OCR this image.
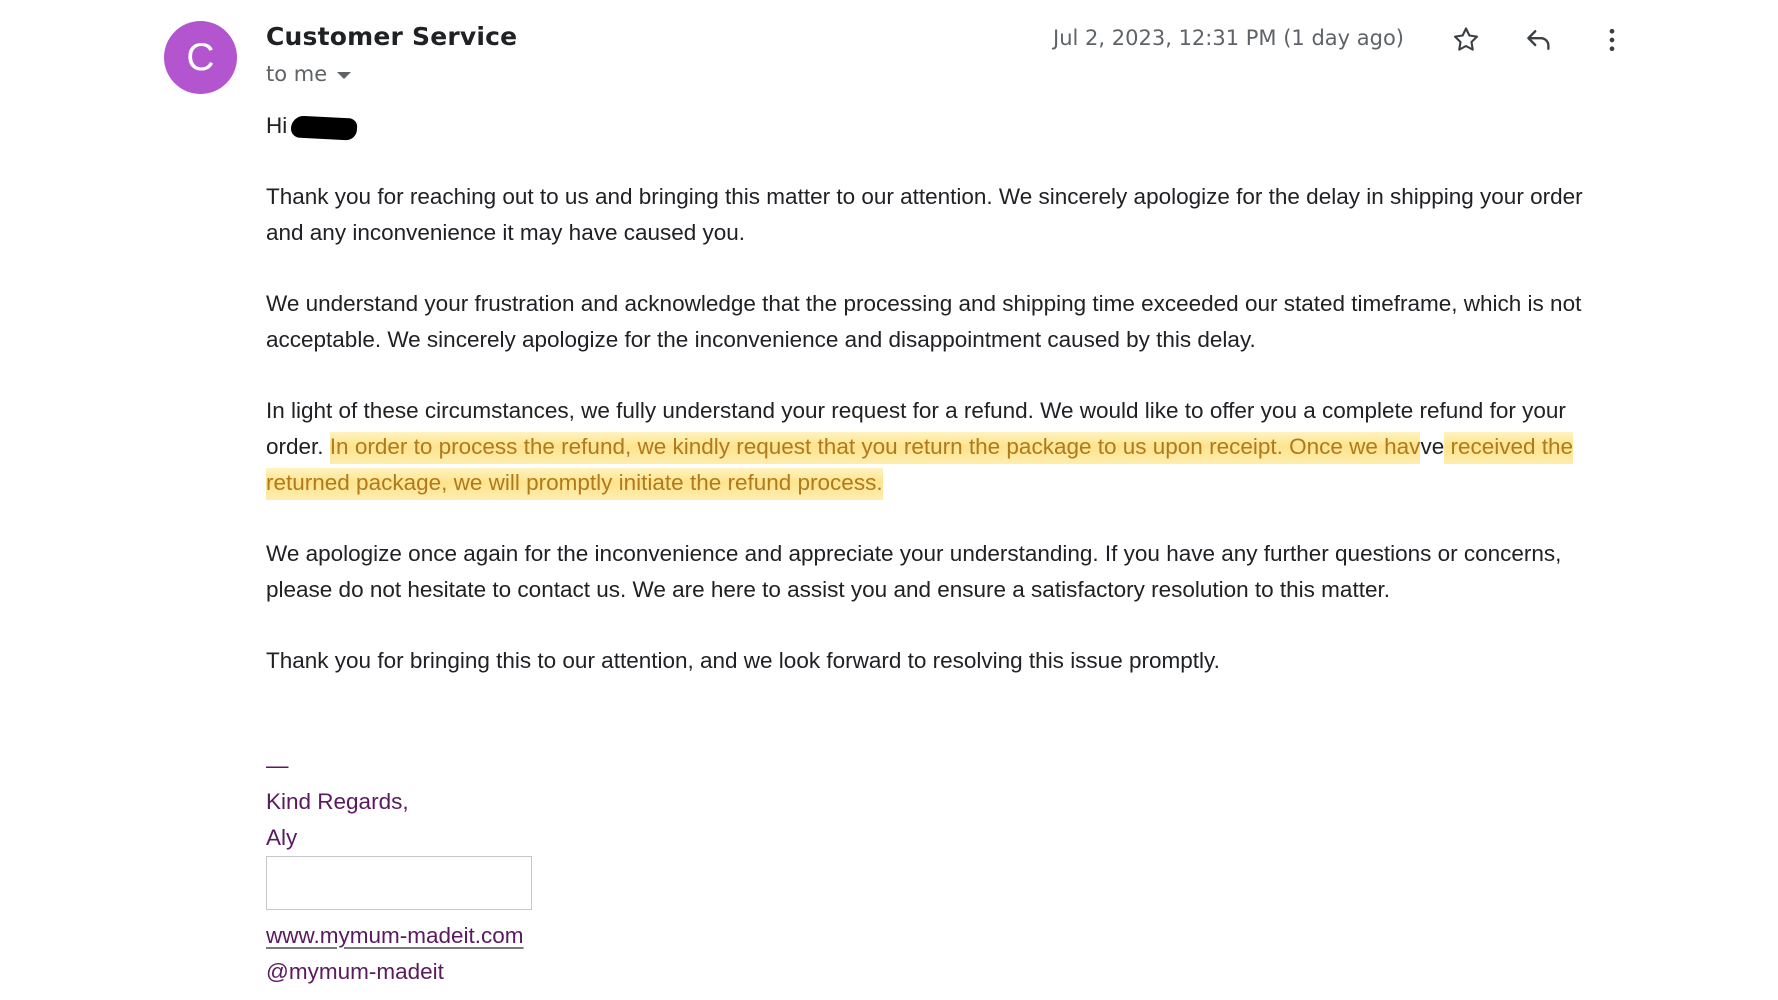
C Customer Service
to me
Jul 2, 2023, 12:31 PM (1 day ago)
Hi
Thank you for reaching out to us and bringing this matter to our attention. We sincerely apologize for the delay in shipping your order and any inconvenience it may have caused you.
We understand your frustration and acknowledge that the processing and shipping time exceeded our stated timeframe, which is not acceptable. We sincerely apologize for the inconvenience and disappointment caused by this delay.
In light of these circumstances, we fully understand your request for a refund. We would like to offer you a complete refund for your order. In order to process the refund, we kindly request that you return the package to us upon receipt. Once we havve received the returned package, we will promptly initiate the refund process.
We apologize once again for the inconvenience and appreciate your understanding. If you have any further questions or concerns, please do not hesitate to contact us. We are here to assist you and ensure a satisfactory resolution to this matter.
Thank you for bringing this to our attention, and we look forward to resolving this issue promptly.
—
Kind Regards,
Aly
www.mymum-madeit.com
@mymum-madeit
